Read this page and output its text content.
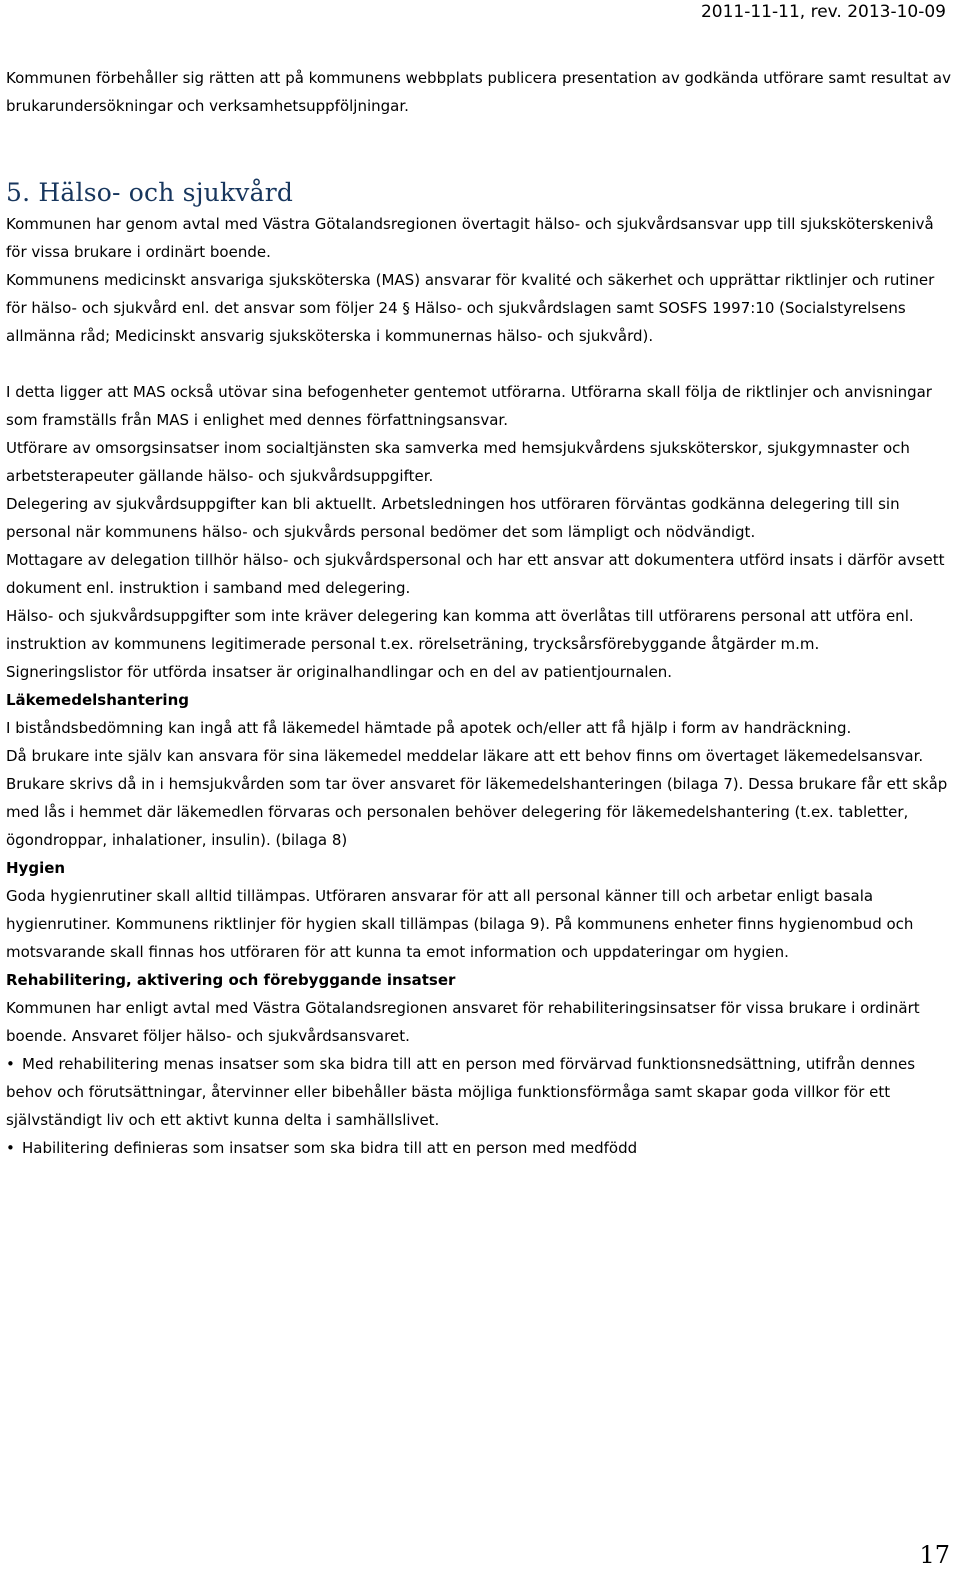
2011-11-11, rev. 2013-10-09

Kommunen förbehåller sig rätten att på kommunens webbplats publicera presentation av godkända utförare samt resultat av brukarundersökningar och verksamhetsuppföljningar.

5. Hälso- och sjukvård

Kommunen har genom avtal med Västra Götalandsregionen övertagit hälso- och sjukvårdsansvar upp till sjuksköterskenivå för vissa brukare i ordinärt boende.

Kommunens medicinskt ansvariga sjuksköterska (MAS) ansvarar för kvalité och säkerhet och upprättar riktlinjer och rutiner för hälso- och sjukvård enl. det ansvar som följer 24 § Hälso- och sjukvårdslagen samt SOSFS 1997:10 (Socialstyrelsens allmänna råd; Medicinskt ansvarig sjuksköterska i kommunernas hälso- och sjukvård).

I detta ligger att MAS också utövar sina befogenheter gentemot utförarna. Utförarna skall följa de riktlinjer och anvisningar som framställs från MAS i enlighet med dennes författningsansvar.

Utförare av omsorgsinsatser inom socialtjänsten ska samverka med hemsjukvårdens sjuksköterskor, sjukgymnaster och arbetsterapeuter gällande hälso- och sjukvårdsuppgifter.

Delegering av sjukvårdsuppgifter kan bli aktuellt. Arbetsledningen hos utföraren förväntas godkänna delegering till sin personal när kommunens hälso- och sjukvårds personal bedömer det som lämpligt och nödvändigt.

Mottagare av delegation tillhör hälso- och sjukvårdspersonal och har ett ansvar att dokumentera utförd insats i därför avsett dokument enl. instruktion i samband med delegering.

Hälso- och sjukvårdsuppgifter som inte kräver delegering kan komma att överlåtas till utförarens personal att utföra enl. instruktion av kommunens legitimerade personal t.ex. rörelseträning, trycksårsförebyggande åtgärder m.m.

Signeringslistor för utförda insatser är originalhandlingar och en del av patientjournalen.

Läkemedelshantering

I biståndsbedömning kan ingå att få läkemedel hämtade på apotek och/eller att få hjälp i form av handräckning.

Då brukare inte själv kan ansvara för sina läkemedel meddelar läkare att ett behov finns om övertaget läkemedelsansvar. Brukare skrivs då in i hemsjukvården som tar över ansvaret för läkemedelshanteringen (bilaga 7). Dessa brukare får ett skåp med lås i hemmet där läkemedlen förvaras och personalen behöver delegering för läkemedelshantering (t.ex. tabletter, ögondroppar, inhalationer, insulin). (bilaga 8)

Hygien

Goda hygienrutiner skall alltid tillämpas. Utföraren ansvarar för att all personal känner till och arbetar enligt basala hygienrutiner. Kommunens riktlinjer för hygien skall tillämpas (bilaga 9). På kommunens enheter finns hygienombud och motsvarande skall finnas hos utföraren för att kunna ta emot information och uppdateringar om hygien.

Rehabilitering, aktivering och förebyggande insatser

Kommunen har enligt avtal med Västra Götalandsregionen ansvaret för rehabiliteringsinsatser för vissa brukare i ordinärt boende. Ansvaret följer hälso- och sjukvårdsansvaret.

• Med rehabilitering menas insatser som ska bidra till att en person med förvärvad funktionsnedsättning, utifrån dennes behov och förutsättningar, återvinner eller bibehåller bästa möjliga funktionsförmåga samt skapar goda villkor för ett självständigt liv och ett aktivt kunna delta i samhällslivet.

• Habilitering definieras som insatser som ska bidra till att en person med medfödd

17
